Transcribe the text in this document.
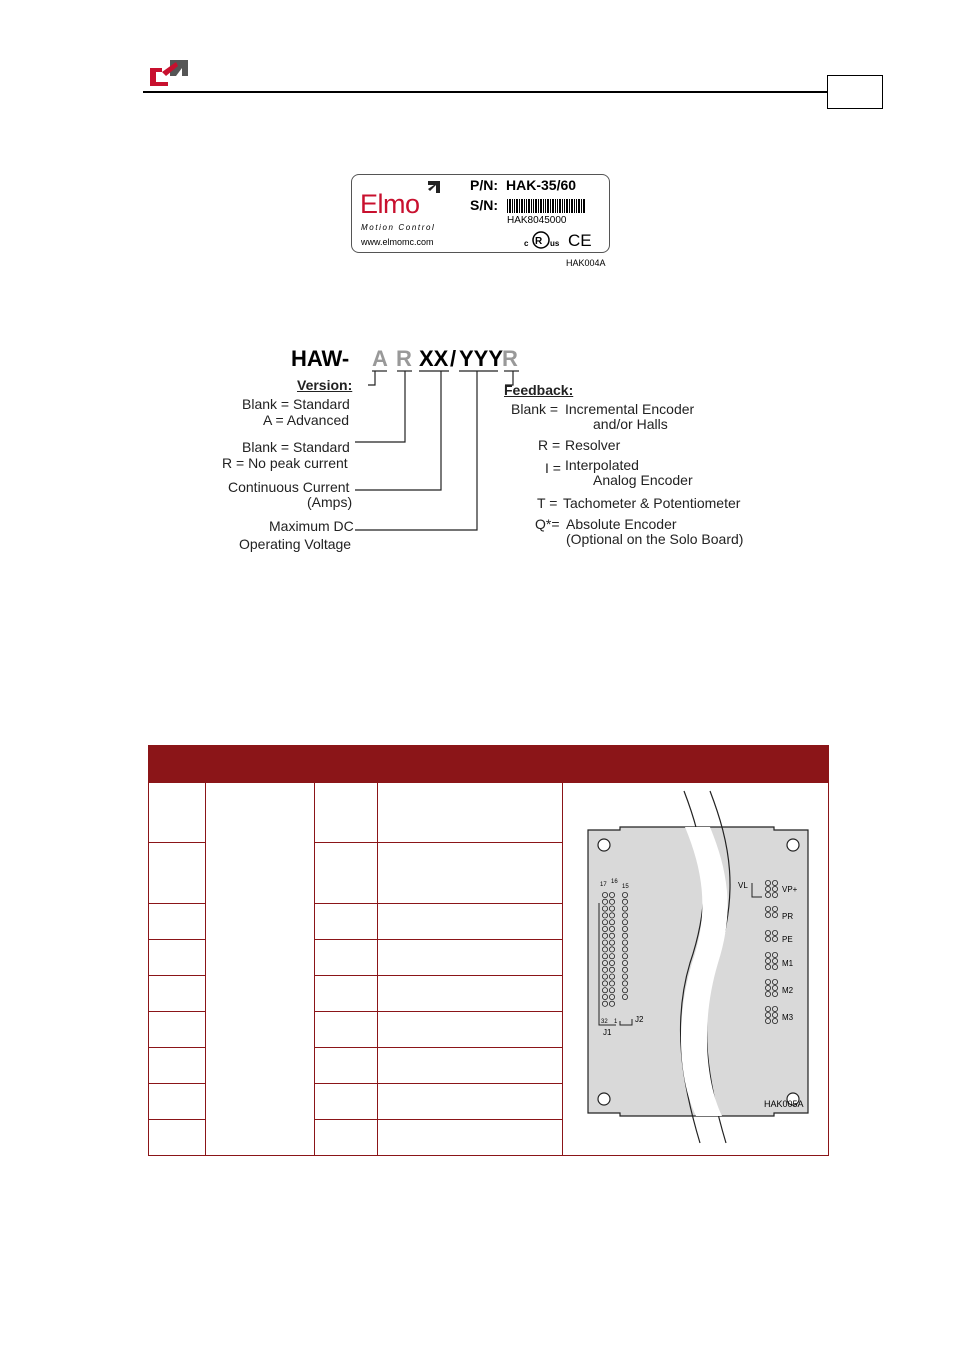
Elmo
Motion Control
www.elmomc.com
P/N: HAK-35/60
S/N:
HAK8045000
c R us CE
HAK004A
HAW- A R XX / YYY
R
Version:
Blank = Standard
A = Advanced
Blank = Standard
R = No peak current
Continuous Current
(Amps)
Maximum DC
Operating Voltage
Feedback:
Blank = Incremental Encoder
and/or Halls
R = Resolver
I = Interpolated
Analog Encoder
T = Tachometer & Potentiometer
Q*= Absolute Encoder
(Optional on the Solo Board)
17 16
15
32 1
J1
J2
VL	VP+
PR
PE
M1
M2
M3
HAK005A
